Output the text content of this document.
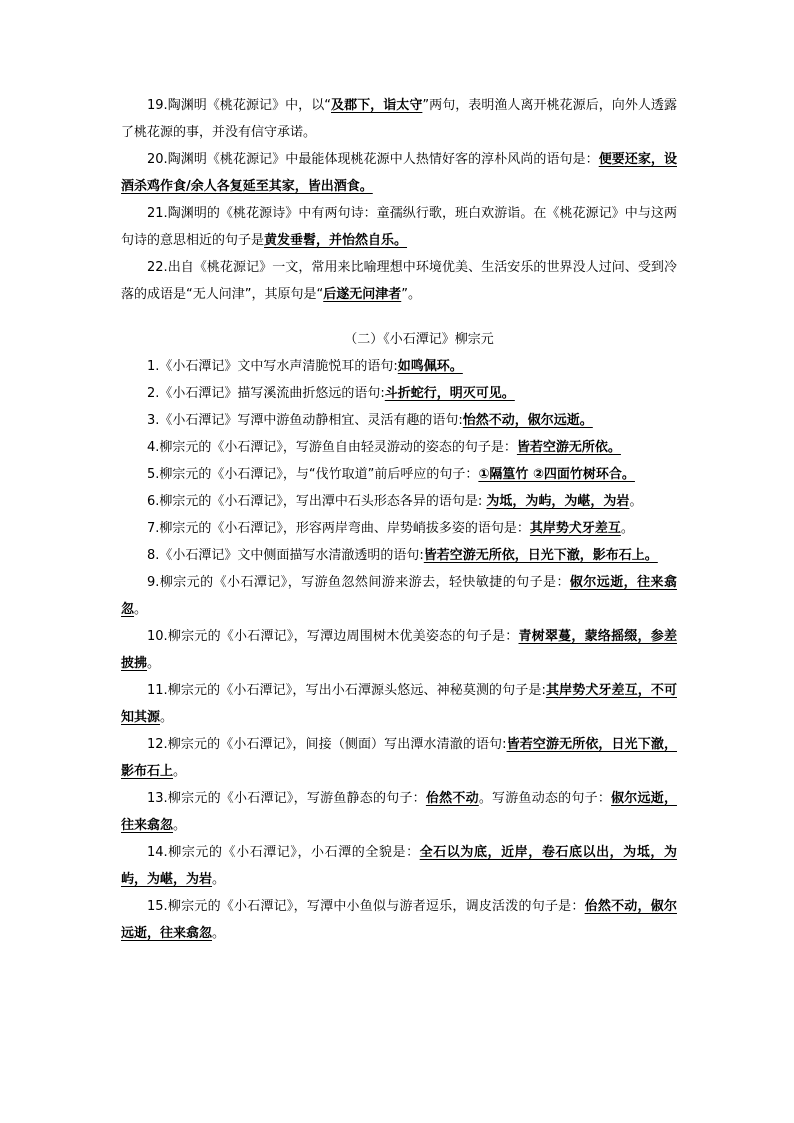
19.陶渊明《桃花源记》中，以“及郡下，诣太守”两句，表明渔人离开桃花源后，向外人透露了桃花源的事，并没有信守承诺。

20.陶渊明《桃花源记》中最能体现桃花源中人热情好客的淳朴风尚的语句是：便要还家，设酒杀鸡作食/余人各复延至其家，皆出酒食。

21.陶渊明的《桃花源诗》中有两句诗：童孺纵行歌，班白欢游诣。在《桃花源记》中与这两句诗的意思相近的句子是黄发垂髫，并怡然自乐。

22.出自《桃花源记》一文，常用来比喻理想中环境优美、生活安乐的世界没人过问、受到冷落的成语是“无人问津”，其原句是“后遂无问津者”。

（二）《小石潭记》柳宗元

1.《小石潭记》文中写水声清脆悦耳的语句:如鸣佩环。

2.《小石潭记》描写溪流曲折悠远的语句:斗折蛇行，明灭可见。

3.《小石潭记》写潭中游鱼动静相宜、灵活有趣的语句:怡然不动，俶尔远逝。

4.柳宗元的《小石潭记》，写游鱼自由轻灵游动的姿态的句子是：皆若空游无所依。

5.柳宗元的《小石潭记》，与“伐竹取道”前后呼应的句子：①隔篁竹 ②四面竹树环合。

6.柳宗元的《小石潭记》，写出潭中石头形态各异的语句是: 为坻，为屿，为嵁，为岩。

7.柳宗元的《小石潭记》，形容两岸弯曲、岸势峭拔多姿的语句是：其岸势犬牙差互。

8.《小石潭记》文中侧面描写水清澈透明的语句:皆若空游无所依，日光下澈，影布石上。

9.柳宗元的《小石潭记》，写游鱼忽然间游来游去，轻快敏捷的句子是：俶尔远逝，往来翕忽。

10.柳宗元的《小石潭记》，写潭边周围树木优美姿态的句子是：青树翠蔓，蒙络摇缀，参差披拂。

11.柳宗元的《小石潭记》，写出小石潭源头悠远、神秘莫测的句子是:其岸势犬牙差互，不可知其源。

12.柳宗元的《小石潭记》，间接（侧面）写出潭水清澈的语句:皆若空游无所依，日光下澈，影布石上。

13.柳宗元的《小石潭记》，写游鱼静态的句子：佁然不动。写游鱼动态的句子：俶尔远逝，往来翕忽。

14.柳宗元的《小石潭记》，小石潭的全貌是：全石以为底，近岸，卷石底以出，为坻，为屿，为嵁，为岩。

15.柳宗元的《小石潭记》，写潭中小鱼似与游者逗乐，调皮活泼的句子是：佁然不动，俶尔远逝，往来翕忽。
